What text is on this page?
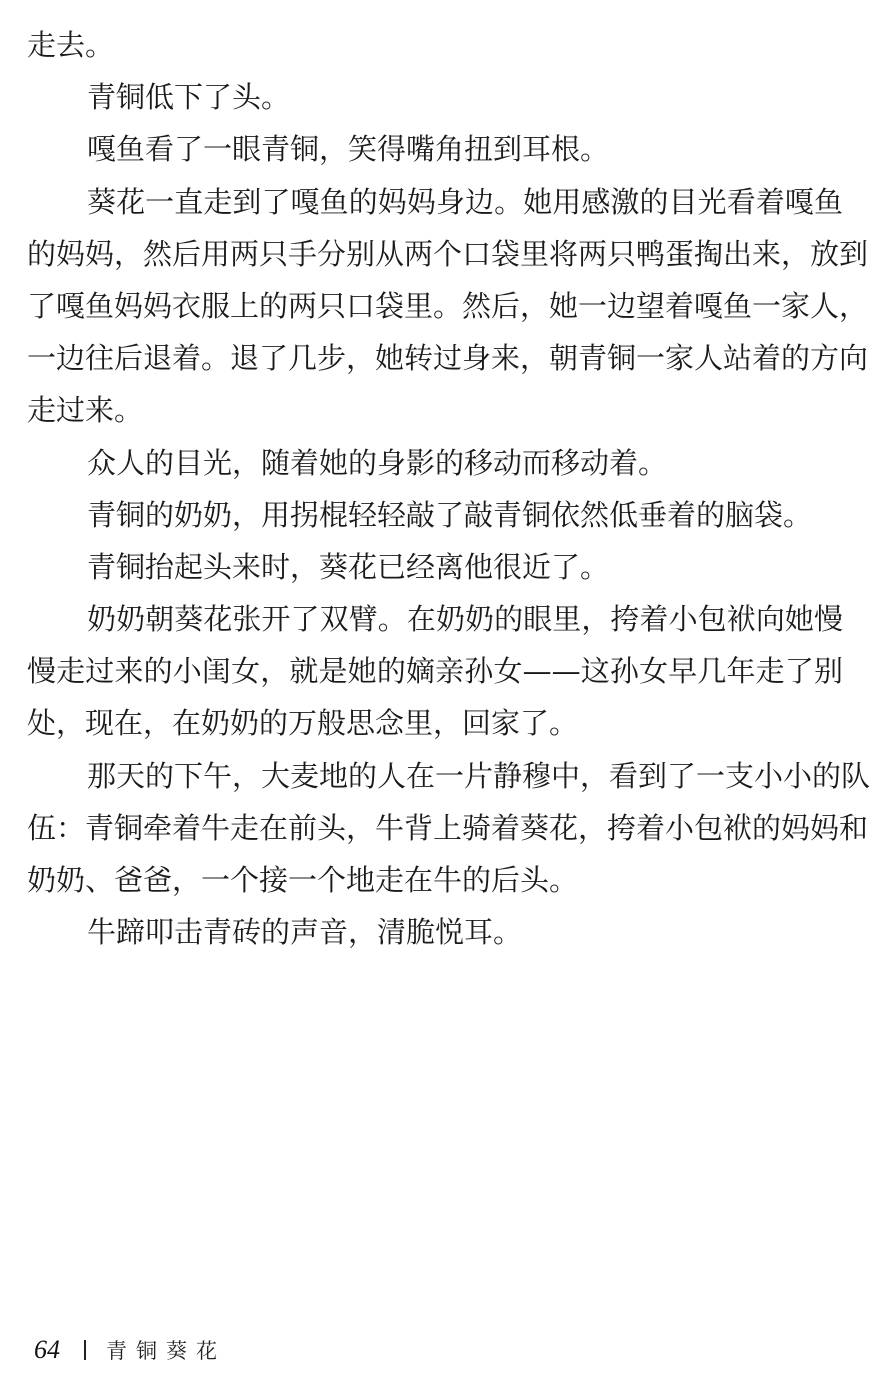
走去。
青铜低下了头。
嘎鱼看了一眼青铜，笑得嘴角扭到耳根。
葵花一直走到了嘎鱼的妈妈身边。她用感激的目光看着嘎鱼
的妈妈，然后用两只手分别从两个口袋里将两只鸭蛋掏出来，放到
了嘎鱼妈妈衣服上的两只口袋里。然后，她一边望着嘎鱼一家人，
一边往后退着。退了几步，她转过身来，朝青铜一家人站着的方向
走过来。
众人的目光，随着她的身影的移动而移动着。
青铜的奶奶，用拐棍轻轻敲了敲青铜依然低垂着的脑袋。
青铜抬起头来时，葵花已经离他很近了。
奶奶朝葵花张开了双臂。在奶奶的眼里，挎着小包袱向她慢
慢走过来的小闺女，就是她的嫡亲孙女——这孙女早几年走了别
处，现在，在奶奶的万般思念里，回家了。
那天的下午，大麦地的人在一片静穆中，看到了一支小小的队
伍：青铜牵着牛走在前头，牛背上骑着葵花，挎着小包袱的妈妈和
奶奶、爸爸，一个接一个地走在牛的后头。
牛蹄叩击青砖的声音，清脆悦耳。
64 青铜葵花
